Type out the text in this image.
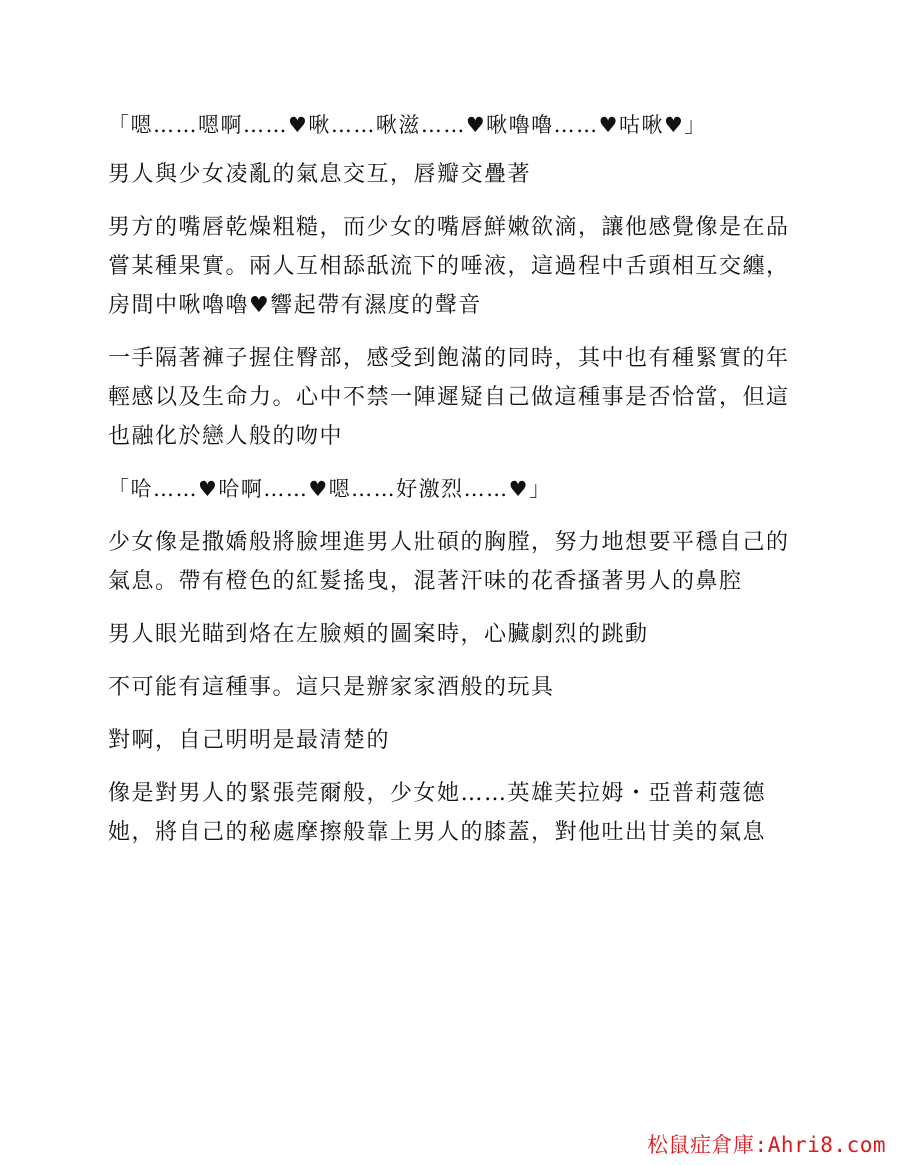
「嗯……嗯啊……♥啾……啾滋……♥啾嚕嚕……♥咕啾♥」

男人與少女凌亂的氣息交互，唇瓣交疊著

男方的嘴唇乾燥粗糙，而少女的嘴唇鮮嫩欲滴，讓他感覺像是在品嘗某種果實。兩人互相舔舐流下的唾液，這過程中舌頭相互交纏，房間中啾嚕嚕♥響起帶有濕度的聲音

一手隔著褲子握住臀部，感受到飽滿的同時，其中也有種緊實的年輕感以及生命力。心中不禁一陣遲疑自己做這種事是否恰當，但這也融化於戀人般的吻中

「哈……♥哈啊……♥嗯……好激烈……♥」

少女像是撒嬌般將臉埋進男人壯碩的胸膛，努力地想要平穩自己的氣息。帶有橙色的紅髮搖曳，混著汗味的花香搔著男人的鼻腔

男人眼光瞄到烙在左臉頰的圖案時，心臟劇烈的跳動

不可能有這種事。這只是辦家家酒般的玩具

對啊，自己明明是最清楚的

像是對男人的緊張莞爾般，少女她……英雄芙拉姆・亞普莉蔻德她，將自己的秘處摩擦般靠上男人的膝蓋，對他吐出甘美的氣息

松鼠症倉庫:Ahri8.com
